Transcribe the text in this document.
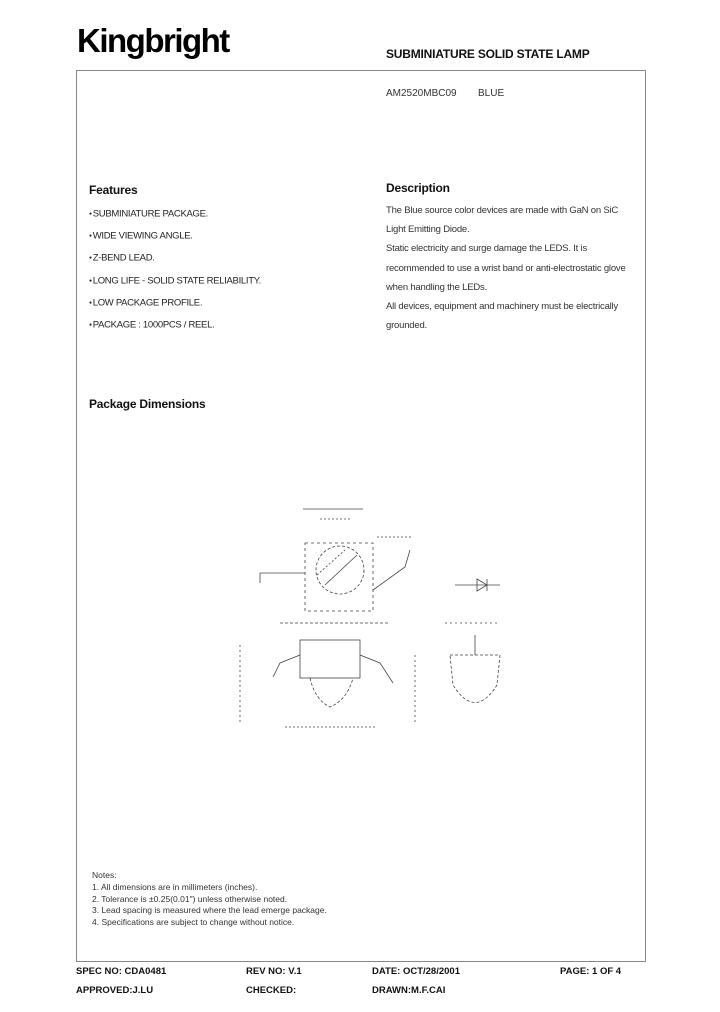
Kingbright	SUBMINIATURE SOLID STATE LAMP
AM2520MBC09 BLUE
Features
● SUBMINIATURE PACKAGE.
● WIDE VIEWING ANGLE.
● Z-BEND LEAD.
● LONG LIFE - SOLID STATE RELIABILITY.
● LOW PACKAGE PROFILE.
● PACKAGE : 1000PCS / REEL.
Description

The Blue source color devices are made with GaN on SiC Light Emitting Diode.

Static electricity and surge damage the LEDS. It is recommended to use a wrist band or anti-electrostatic glove when handling the LEDs.

All devices, equipment and machinery must be electrically grounded.

Package Dimensions
Notes:
1. All dimensions are in millimeters (inches).
2. Tolerance is ±0.25(0.01") unless otherwise noted.
3. Lead spacing is measured where the lead emerge package.
4. Specifications are subject to change without notice.
SPEC NO: CDA0481	REV NO: V.1	DATE: OCT/28/2001	PAGE: 1 OF 4
APPROVED:J.LU	CHECKED:	DRAWN:M.F.CAI
